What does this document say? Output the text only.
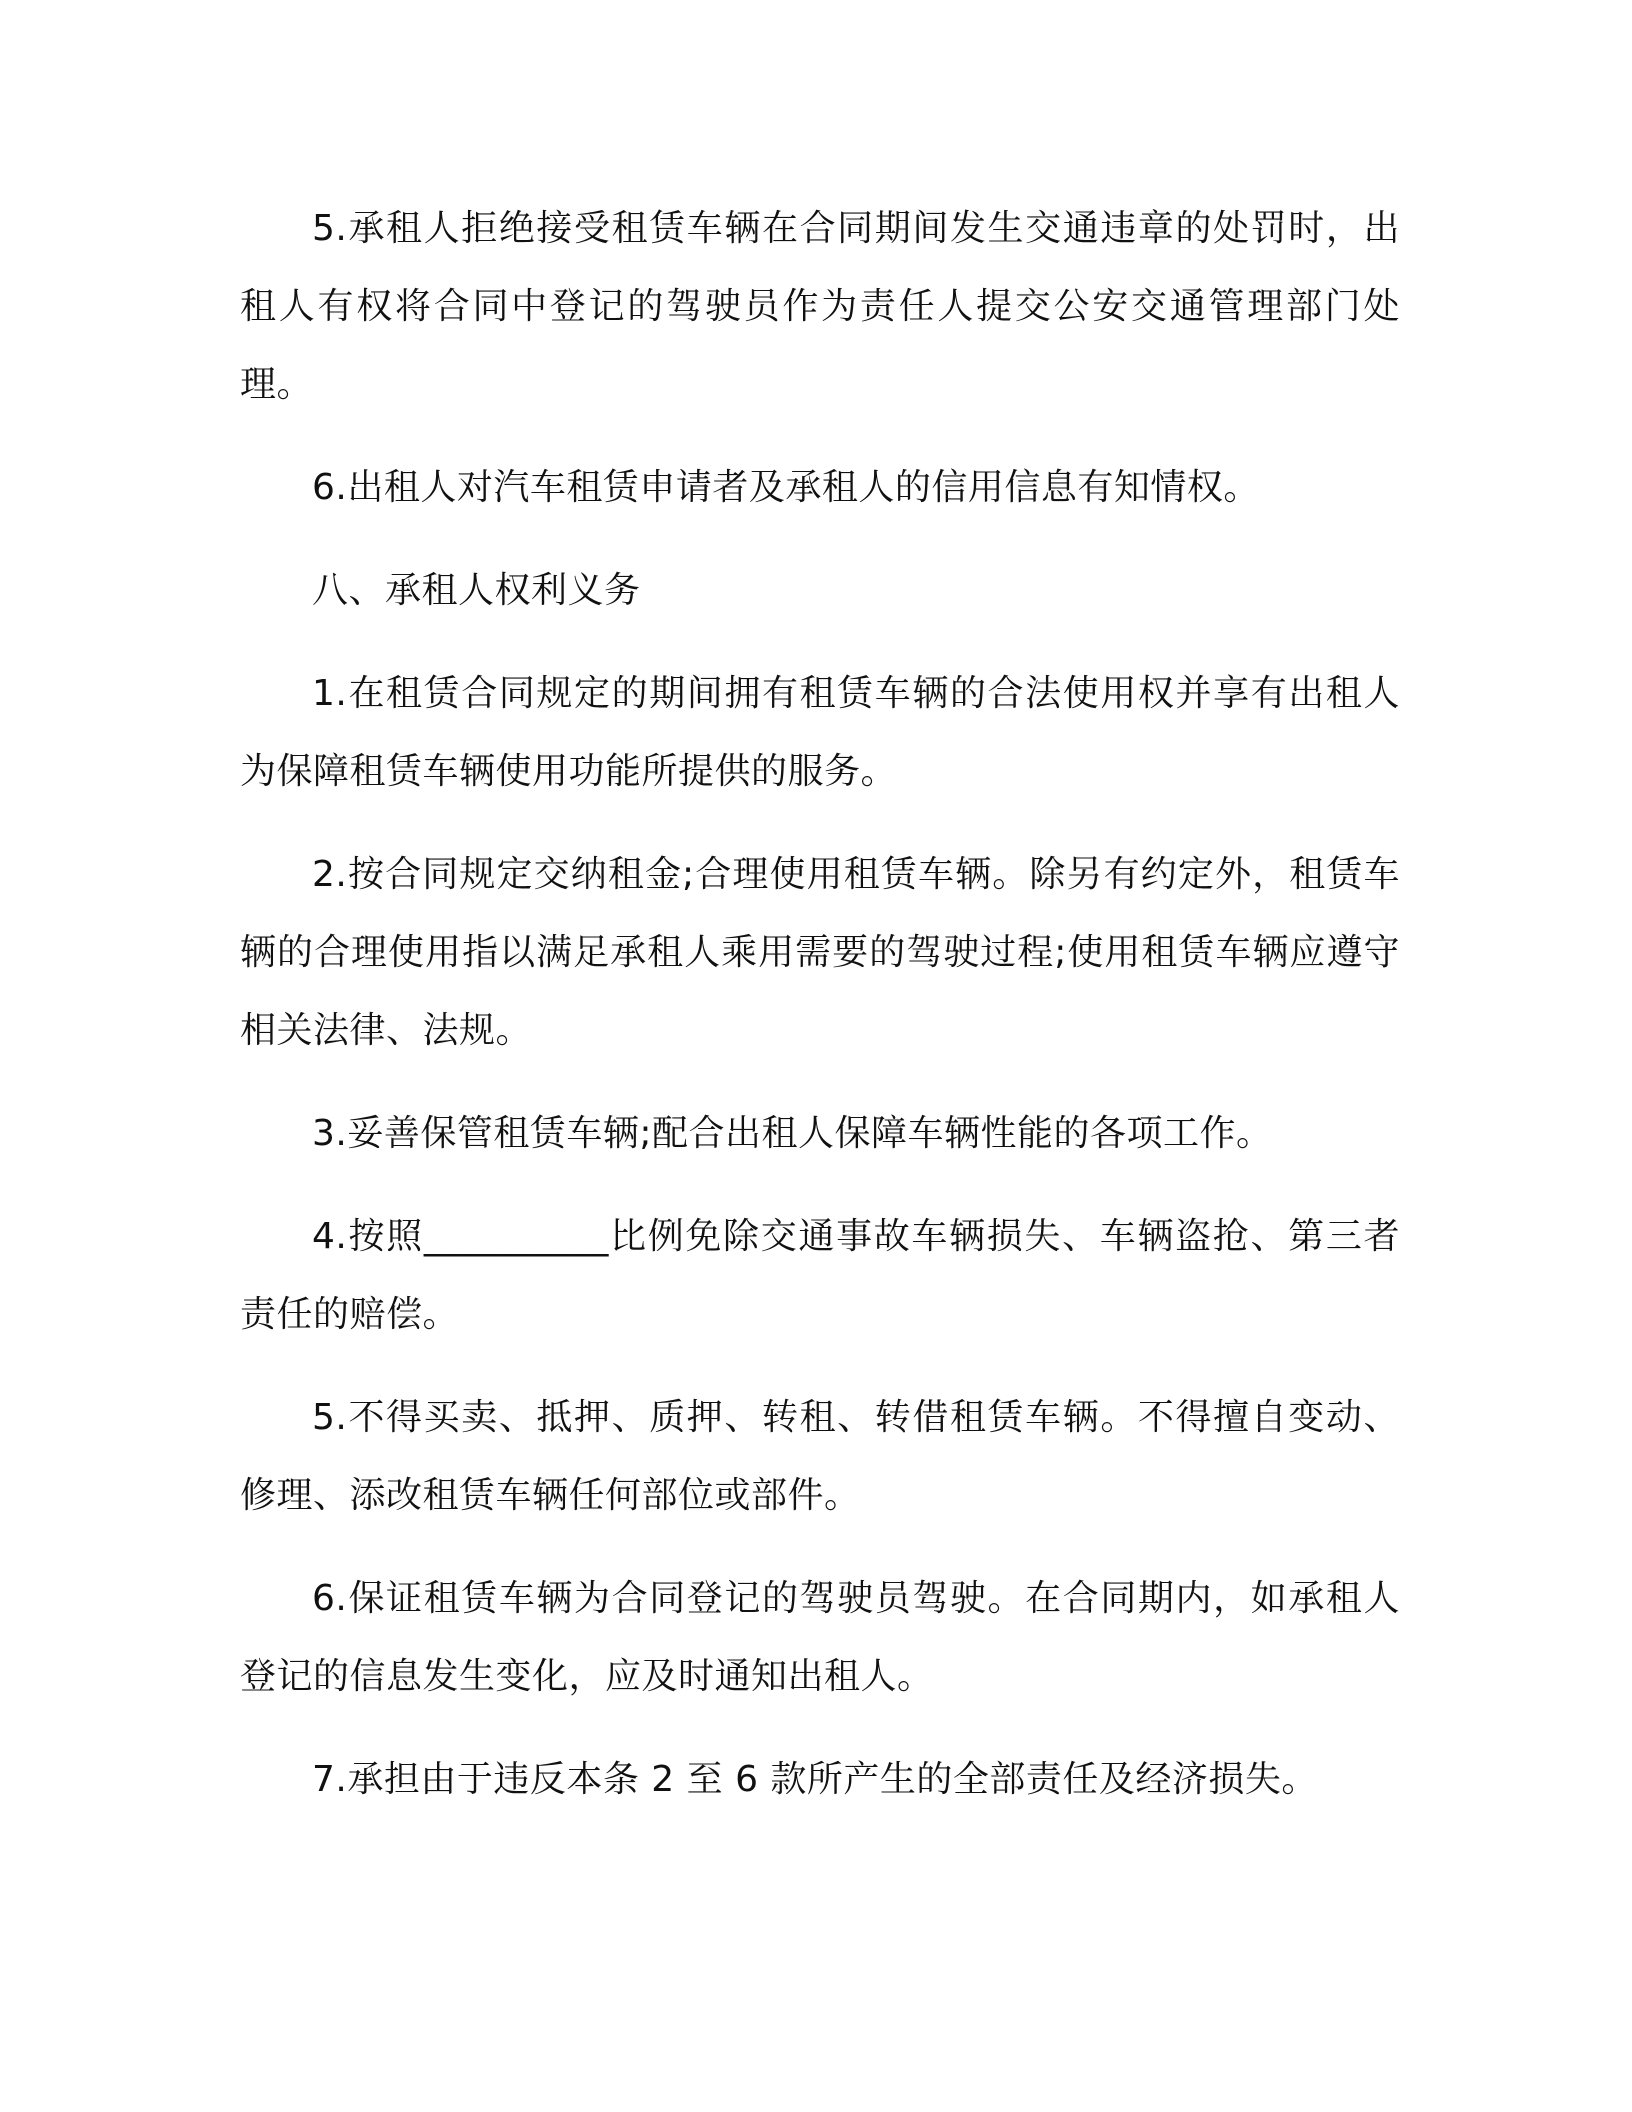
5.承租人拒绝接受租赁车辆在合同期间发生交通违章的处罚时，出租人有权将合同中登记的驾驶员作为责任人提交公安交通管理部门处理。

6.出租人对汽车租赁申请者及承租人的信用信息有知情权。

八、承租人权利义务

1.在租赁合同规定的期间拥有租赁车辆的合法使用权并享有出租人为保障租赁车辆使用功能所提供的服务。

2.按合同规定交纳租金;合理使用租赁车辆。除另有约定外，租赁车辆的合理使用指以满足承租人乘用需要的驾驶过程;使用租赁车辆应遵守相关法律、法规。

3.妥善保管租赁车辆;配合出租人保障车辆性能的各项工作。

4.按照__________比例免除交通事故车辆损失、车辆盗抢、第三者责任的赔偿。

5.不得买卖、抵押、质押、转租、转借租赁车辆。不得擅自变动、修理、添改租赁车辆任何部位或部件。

6.保证租赁车辆为合同登记的驾驶员驾驶。在合同期内，如承租人登记的信息发生变化，应及时通知出租人。

7.承担由于违反本条 2 至 6 款所产生的全部责任及经济损失。
